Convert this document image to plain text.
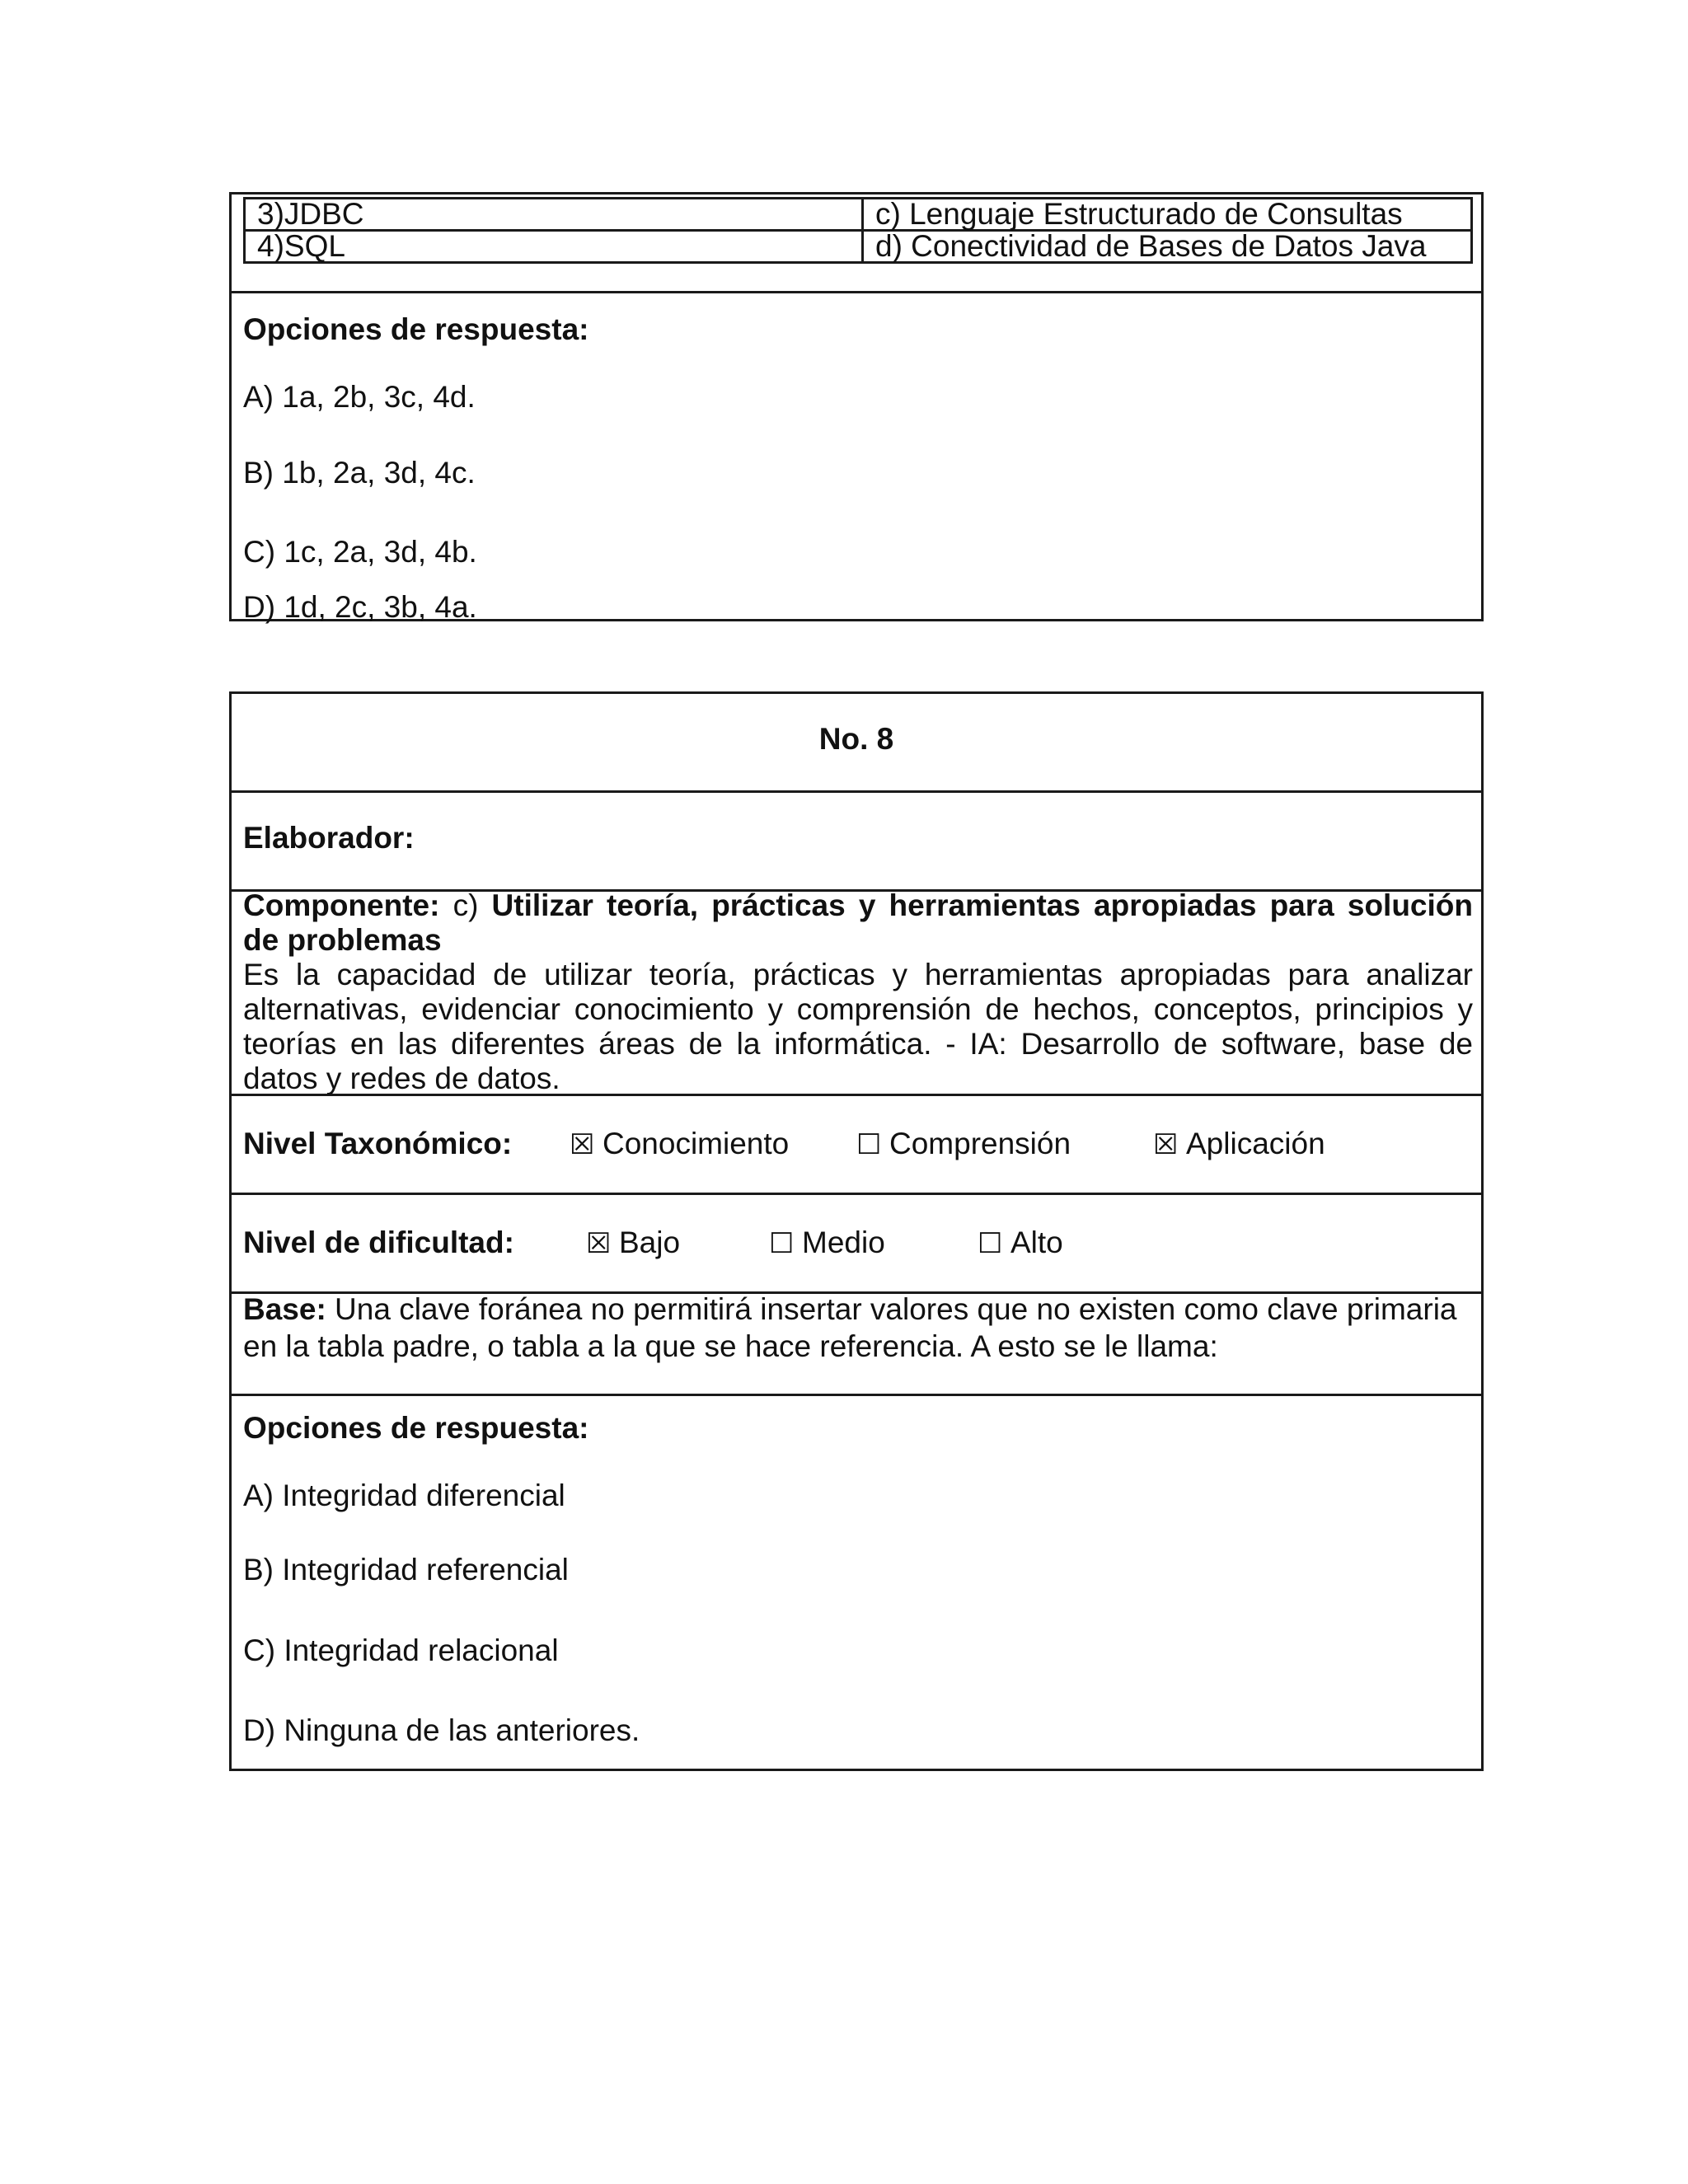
3)JDBC	c) Lenguaje Estructurado de Consultas
4)SQL	d) Conectividad de Bases de Datos Java
Opciones de respuesta:
A) 1a, 2b, 3c, 4d.
B) 1b, 2a, 3d, 4c.
C) 1c, 2a, 3d, 4b.
D) 1d, 2c, 3b, 4a.
No. 8
Elaborador:
Componente: c) Utilizar teoría, prácticas y herramientas apropiadas para solución de problemas
Es la capacidad de utilizar teoría, prácticas y herramientas apropiadas para analizar alternativas, evidenciar conocimiento y comprensión de hechos, conceptos, principios y teorías en las diferentes áreas de la informática. - IA: Desarrollo de software, base de datos y redes de datos.
Nivel Taxonómico: ☒ Conocimiento ☐ Comprensión	☒ Aplicación
Nivel de dificultad:	☒ Bajo	☐ Medio	☐ Alto
Base: Una clave foránea no permitirá insertar valores que no existen como clave primaria en la tabla padre, o tabla a la que se hace referencia. A esto se le llama:
Opciones de respuesta:
A) Integridad diferencial
B) Integridad referencial
C) Integridad relacional
D) Ninguna de las anteriores.
